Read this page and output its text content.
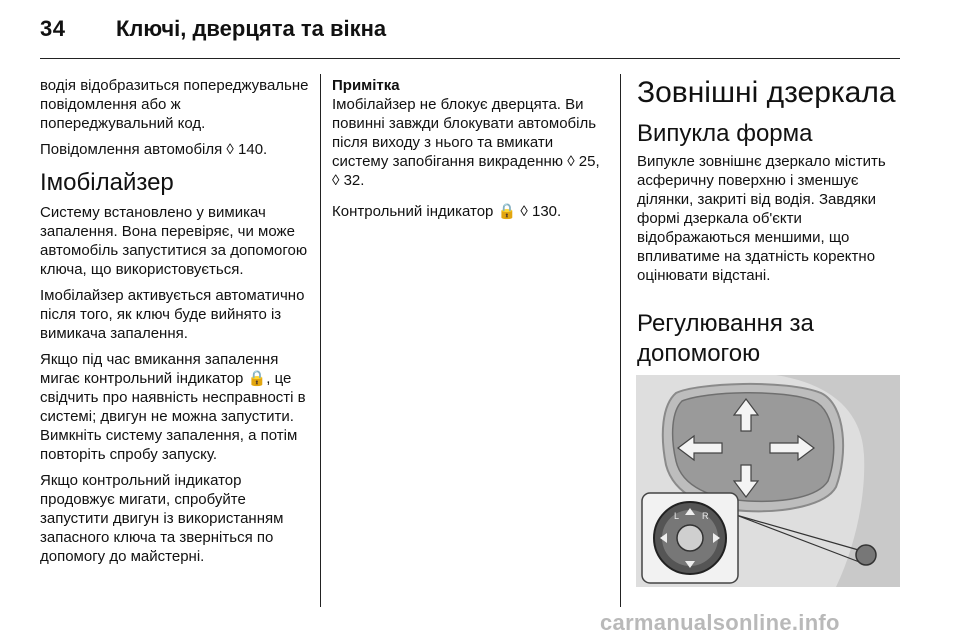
34 Ключі, дверцята та вікна

водія відобразиться попереджувальне повідомлення або ж попереджувальний код.

Повідомлення автомобіля ◊ 140.

Імобілайзер

Систему встановлено у вимикач запалення. Вона перевіряє, чи може автомобіль запуститися за допомогою ключа, що використовується.

Імобілайзер активується автоматично після того, як ключ буде вийнято із вимикача запалення.

Якщо під час вмикання запалення мигає контрольний індикатор 🔒, це свідчить про наявність несправності в системі; двигун не можна запустити. Вимкніть систему запалення, а потім повторіть спробу запуску.

Якщо контрольний індикатор продовжує мигати, спробуйте запустити двигун із використанням запасного ключа та зверніться по допомогу до майстерні.

Примітка

Імобілайзер не блокує дверцята. Ви повинні завжди блокувати автомобіль після виходу з нього та вмикати систему запобігання викраденню ◊ 25, ◊ 32.

Контрольний індикатор 🔒 ◊ 130.

Зовнішні дзеркала
Випукла форма

Випукле зовнішнє дзеркало містить асферичну поверхню і зменшує ділянки, закриті від водія. Завдяки формі дзеркала об'єкти відображаються меншими, що впливатиме на здатність коректно оцінювати відстані.

Регулювання за допомогою
L	R
carmanualsonline.info
